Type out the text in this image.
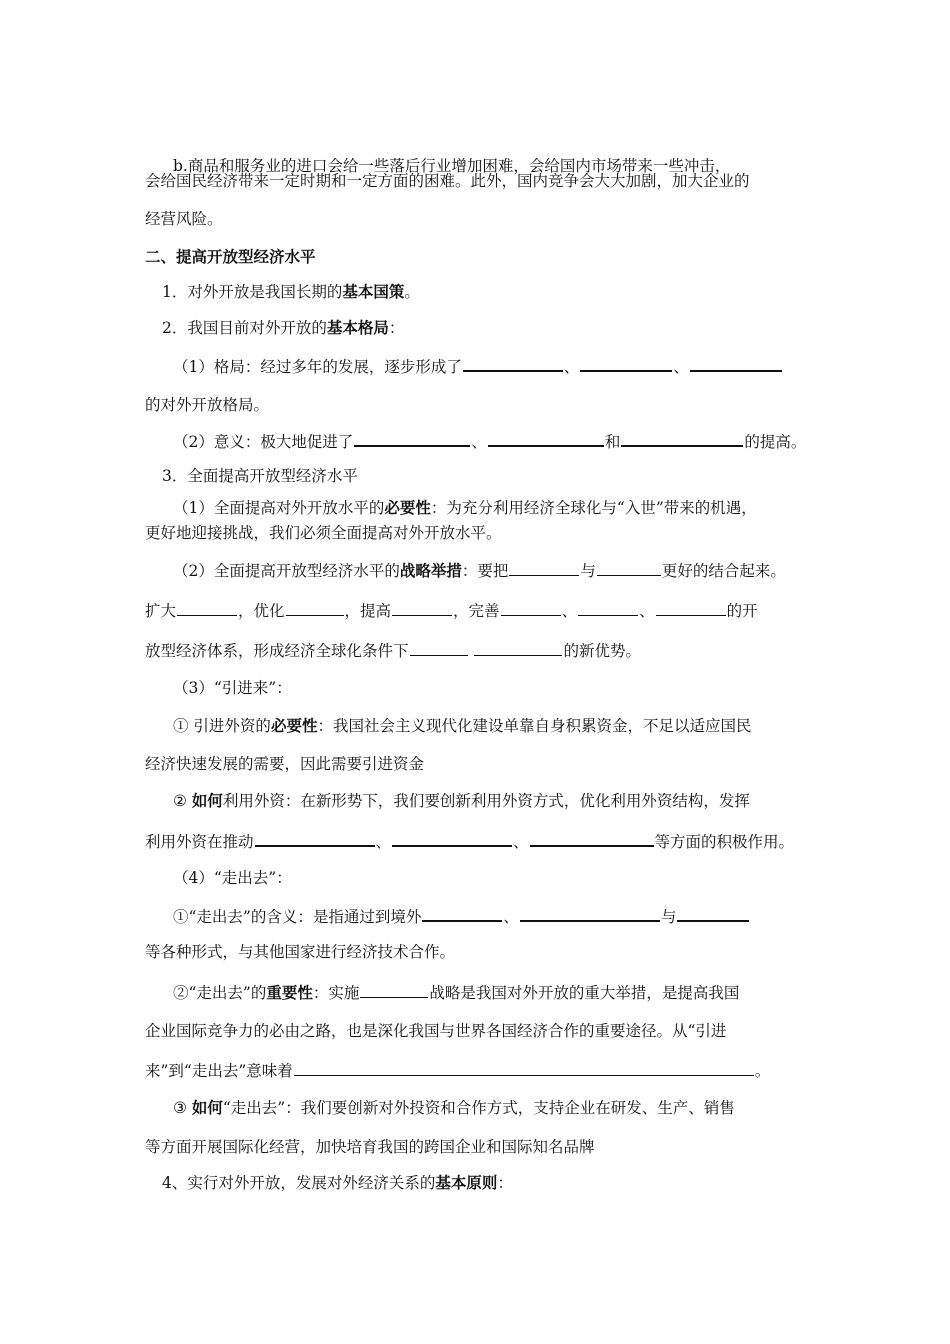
b.商品和服务业的进口会给一些落后行业增加困难，会给国内市场带来一些冲击，
会给国民经济带来一定时期和一定方面的困难。此外，国内竞争会大大加剧，加大企业的
经营风险。
二、提高开放型经济水平
1．对外开放是我国长期的基本国策。
2．我国目前对外开放的基本格局：
（1）格局：经过多年的发展，逐步形成了	、	、
的对外开放格局。
（2）意义：极大地促进了	、	和	的提高。
3．全面提高开放型经济水平
（1）全面提高对外开放水平的必要性：为充分利用经济全球化与“入世”带来的机遇，
更好地迎接挑战，我们必须全面提高对外开放水平。
（2）全面提高开放型经济水平的战略举措：要把	与	更好的结合起来。
扩大	，优化	，提高	，完善	、	、	的开
放型经济体系，形成经济全球化条件下	的新优势。
（3）“引进来”：
① 引进外资的必要性：我国社会主义现代化建设单靠自身积累资金，不足以适应国民
经济快速发展的需要，因此需要引进资金
② 如何利用外资：在新形势下，我们要创新利用外资方式，优化利用外资结构，发挥
利用外资在推动	、	、	等方面的积极作用。
（4）“走出去”：
①“走出去”的含义：是指通过到境外	、	与
等各种形式，与其他国家进行经济技术合作。
②“走出去”的重要性：实施	战略是我国对外开放的重大举措，是提高我国
企业国际竞争力的必由之路，也是深化我国与世界各国经济合作的重要途径。从“引进
来”到“走出去”意味着	。
③ 如何“走出去”：我们要创新对外投资和合作方式，支持企业在研发、生产、销售
等方面开展国际化经营，加快培育我国的跨国企业和国际知名品牌
4、实行对外开放，发展对外经济关系的基本原则：
